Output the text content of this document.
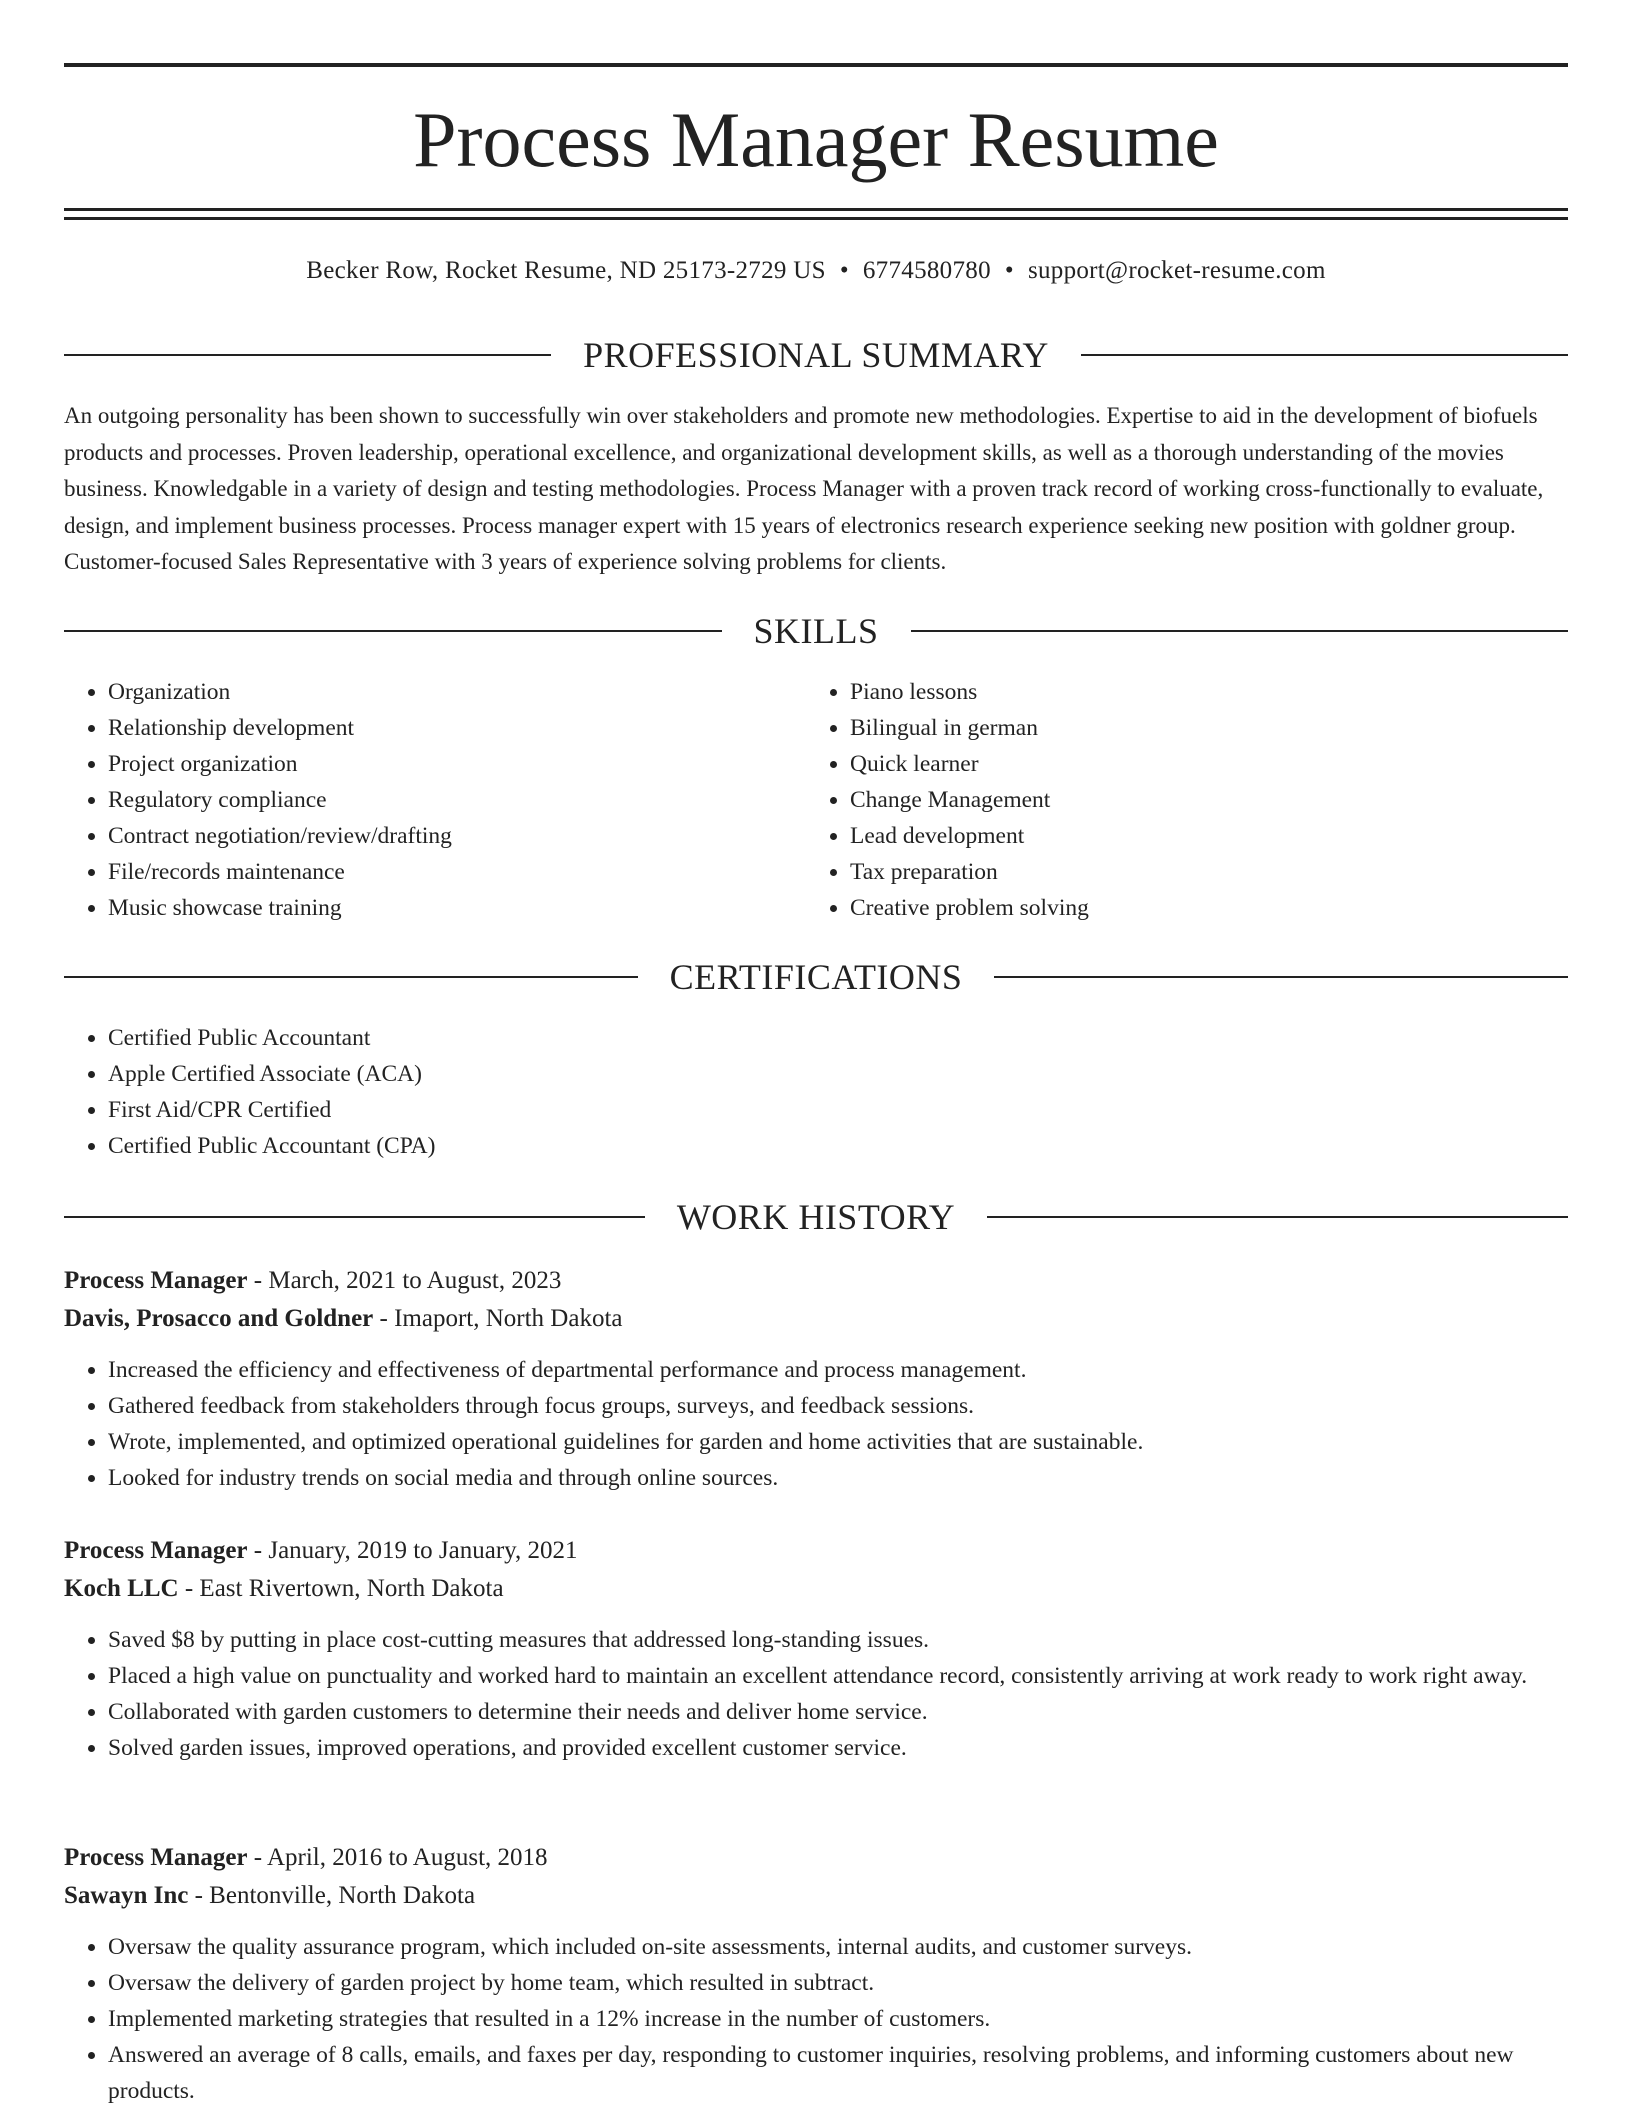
Process Manager Resume
Becker Row, Rocket Resume, ND 25173-2729 US • 6774580780 • support@rocket-resume.com
PROFESSIONAL SUMMARY

An outgoing personality has been shown to successfully win over stakeholders and promote new methodologies. Expertise to aid in the development of biofuels products and processes. Proven leadership, operational excellence, and organizational development skills, as well as a thorough understanding of the movies business. Knowledgable in a variety of design and testing methodologies. Process Manager with a proven track record of working cross-functionally to evaluate, design, and implement business processes. Process manager expert with 15 years of electronics research experience seeking new position with goldner group. Customer-focused Sales Representative with 3 years of experience solving problems for clients.

SKILLS
• Organization
• Relationship development
• Project organization
• Regulatory compliance
• Contract negotiation/review/drafting
• File/records maintenance
• Music showcase training
• Piano lessons
• Bilingual in german
• Quick learner
• Change Management
• Lead development
• Tax preparation
• Creative problem solving
CERTIFICATIONS
• Certified Public Accountant
• Apple Certified Associate (ACA)
• First Aid/CPR Certified
• Certified Public Accountant (CPA)
WORK HISTORY
Process Manager - March, 2021 to August, 2023
Davis, Prosacco and Goldner - Imaport, North Dakota
• Increased the efficiency and effectiveness of departmental performance and process management.
• Gathered feedback from stakeholders through focus groups, surveys, and feedback sessions.
• Wrote, implemented, and optimized operational guidelines for garden and home activities that are sustainable.
• Looked for industry trends on social media and through online sources.
Process Manager - January, 2019 to January, 2021
Koch LLC - East Rivertown, North Dakota
• Saved $8 by putting in place cost-cutting measures that addressed long-standing issues.
• Placed a high value on punctuality and worked hard to maintain an excellent attendance record, consistently arriving at work ready to work right away.
• Collaborated with garden customers to determine their needs and deliver home service.
• Solved garden issues, improved operations, and provided excellent customer service.
Process Manager - April, 2016 to August, 2018
Sawayn Inc - Bentonville, North Dakota
• Oversaw the quality assurance program, which included on-site assessments, internal audits, and customer surveys.
• Oversaw the delivery of garden project by home team, which resulted in subtract.
• Implemented marketing strategies that resulted in a 12% increase in the number of customers.
• Answered an average of 8 calls, emails, and faxes per day, responding to customer inquiries, resolving problems, and informing customers about new products.
